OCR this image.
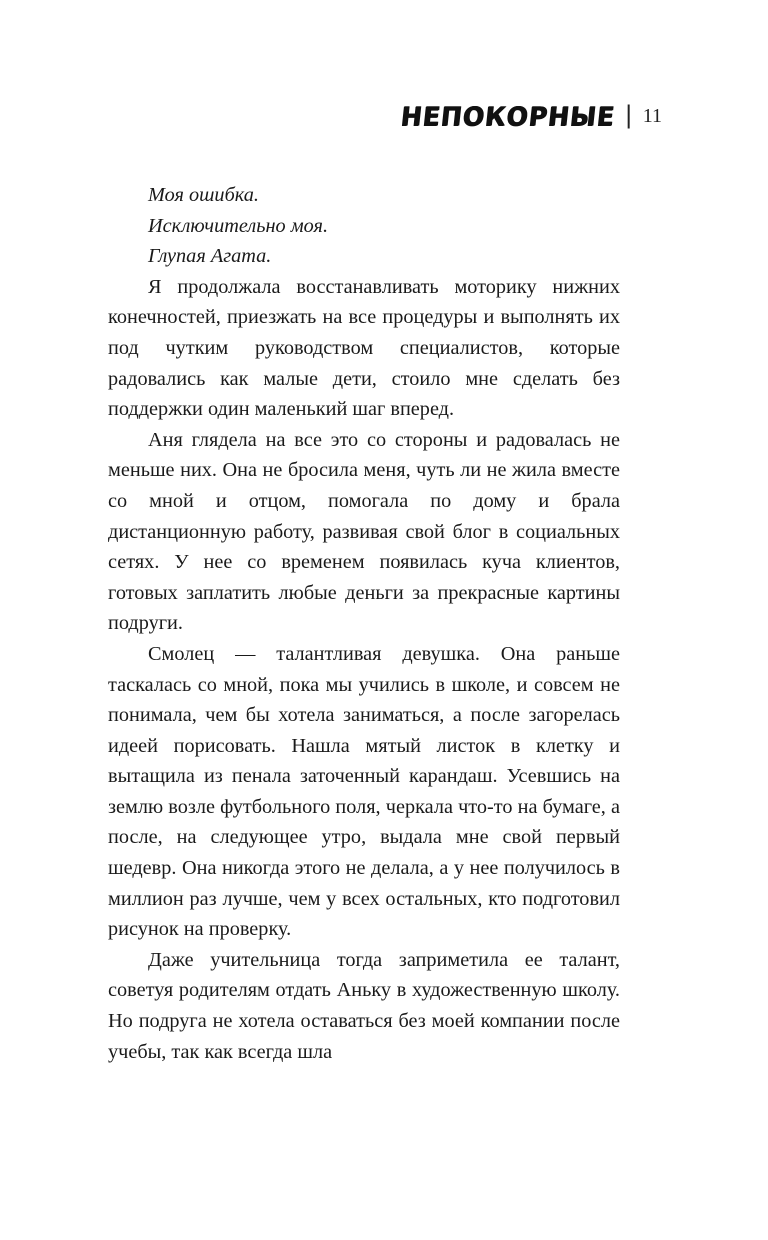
НЕПОКОРНЫЕ | 11

Моя ошибка.

Исключительно моя.

Глупая Агата.

Я продолжала восстанавливать моторику нижних конечностей, приезжать на все процедуры и выполнять их под чутким руководством специалистов, которые радовались как малые дети, стоило мне сделать без поддержки один маленький шаг вперед.

Аня глядела на все это со стороны и радовалась не меньше них. Она не бросила меня, чуть ли не жила вместе со мной и отцом, помогала по дому и брала дистанционную работу, развивая свой блог в социальных сетях. У нее со временем появилась куча клиентов, готовых заплатить любые деньги за прекрасные картины подруги.

Смолец — талантливая девушка. Она раньше таскалась со мной, пока мы учились в школе, и совсем не понимала, чем бы хотела заниматься, а после загорелась идеей порисовать. Нашла мятый листок в клетку и вытащила из пенала заточенный карандаш. Усевшись на землю возле футбольного поля, черкала что-то на бумаге, а после, на следующее утро, выдала мне свой первый шедевр. Она никогда этого не делала, а у нее получилось в миллион раз лучше, чем у всех остальных, кто подготовил рисунок на проверку.

Даже учительница тогда заприметила ее талант, советуя родителям отдать Аньку в художественную школу. Но подруга не хотела оставаться без моей компании после учебы, так как всегда шла
